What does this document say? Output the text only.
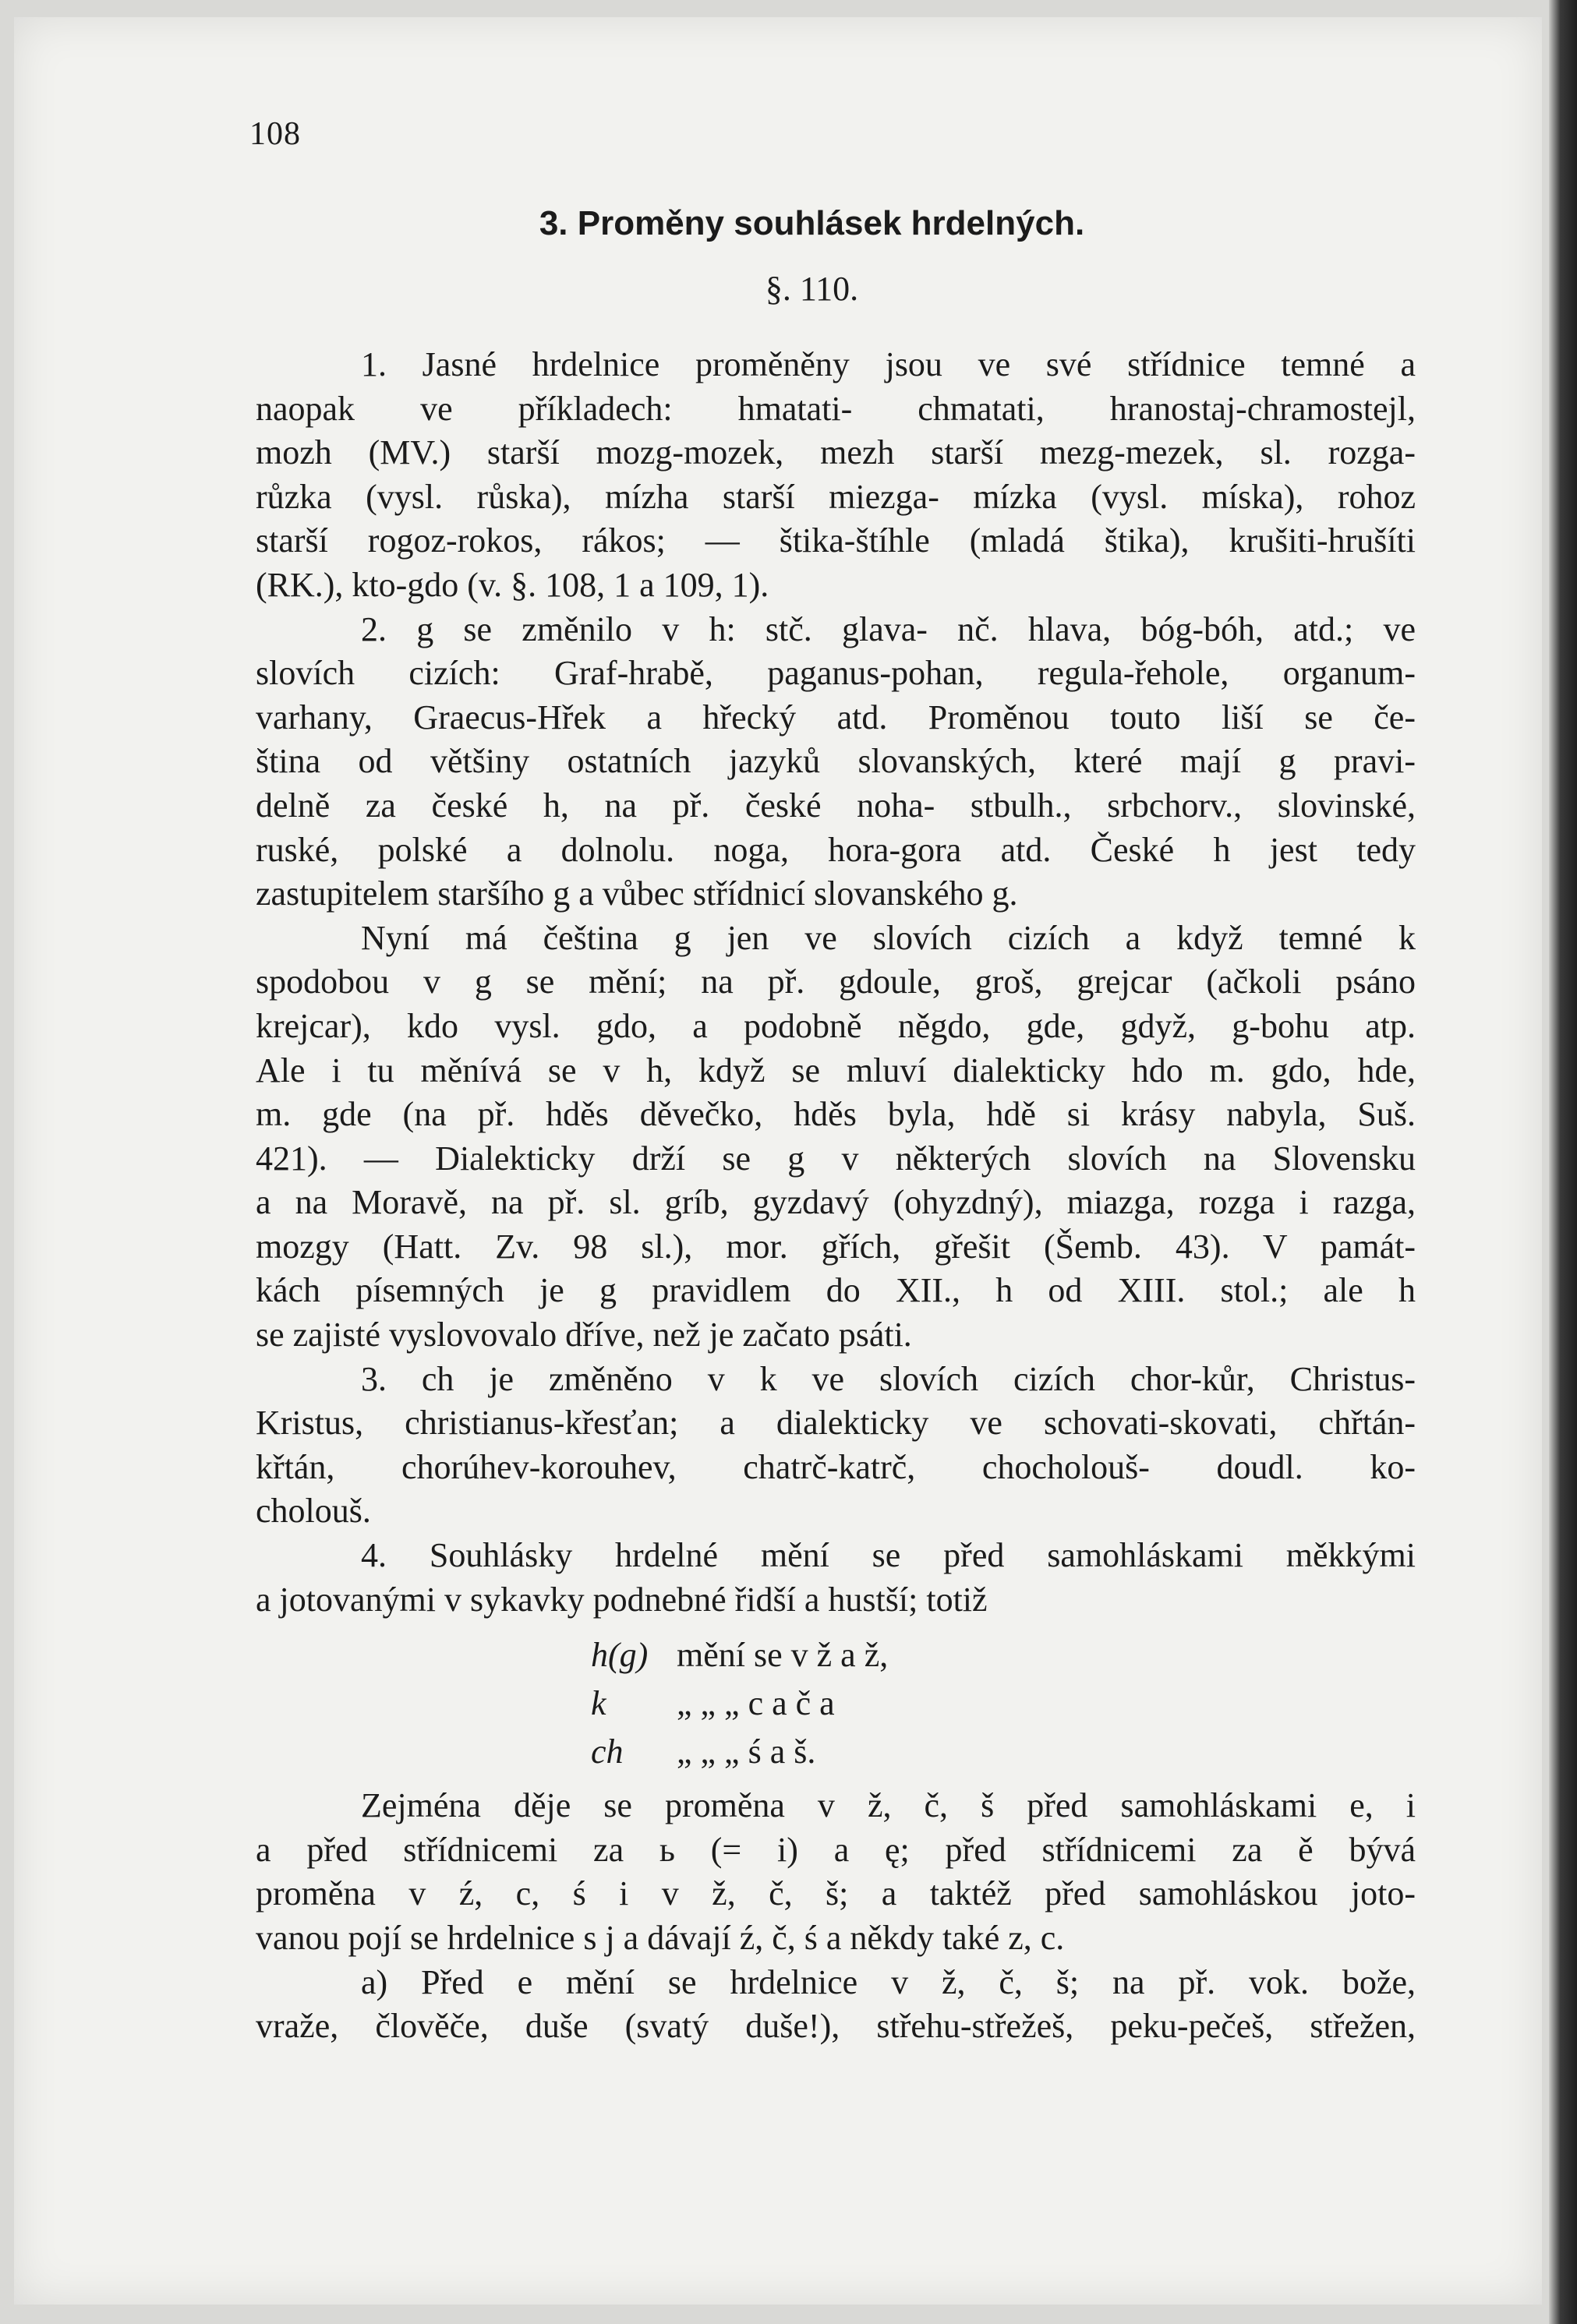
108
3. Proměny souhlásek hrdelných.
§. 110.
1. Jasné hrdelnice proměněny jsou ve své střídnice temné a
naopak ve příkladech: hmatati- chmatati, hranostaj-chramostejl,
mozh (MV.) starší mozg-mozek, mezh starší mezg-mezek, sl. rozga-
růzka (vysl. růska), mízha starší miezga- mízka (vysl. míska), rohoz
starší rogoz-rokos, rákos; — štika-štíhle (mladá štika), krušiti-hrušíti
(RK.), kto-gdo (v. §. 108, 1 a 109, 1).
2. g se změnilo v h: stč. glava- nč. hlava, bóg-bóh, atd.; ve
slovích cizích: Graf-hrabě, paganus-pohan, regula-řehole, organum-
varhany, Graecus-Hřek a hřecký atd. Proměnou touto liší se če-
ština od většiny ostatních jazyků slovanských, které mají g pravi-
delně za české h, na př. české noha- stbulh., srbchorv., slovinské,
ruské, polské a dolnolu. noga, hora-gora atd. České h jest tedy
zastupitelem staršího g a vůbec střídnicí slovanského g.
Nyní má čeština g jen ve slovích cizích a když temné k
spodobou v g se mění; na př. gdoule, groš, grejcar (ačkoli psáno
krejcar), kdo vysl. gdo, a podobně něgdo, gde, gdyž, g-bohu atp.
Ale i tu měnívá se v h, když se mluví dialekticky hdo m. gdo, hde,
m. gde (na př. hděs děvečko, hděs byla, hdě si krásy nabyla, Suš.
421). — Dialekticky drží se g v některých slovích na Slovensku
a na Moravě, na př. sl. gríb, gyzdavý (ohyzdný), miazga, rozga i razga,
mozgy (Hatt. Zv. 98 sl.), mor. gřích, gřešit (Šemb. 43). V památ-
kách písemných je g pravidlem do XII., h od XIII. stol.; ale h
se zajisté vyslovovalo dříve, než je začato psáti.
3. ch je změněno v k ve slovích cizích chor-kůr, Christus-
Kristus, christianus-křesťan; a dialekticky ve schovati-skovati, chřtán-
křtán, chorúhev-korouhev, chatrč-katrč, chocholouš- doudl. ko-
cholouš.
4. Souhlásky hrdelné mění se před samohláskami měkkými
a jotovanými v sykavky podnebné řidší a hustší; totiž
h(g) mění se v ž a ž,
k „ „ „ c a č a
ch „ „ „ ś a š.
Zejména děje se proměna v ž, č, š před samohláskami e, i
a před střídnicemi za ь (= i) a ę; před střídnicemi za ě bývá
proměna v ź, c, ś i v ž, č, š; a taktéž před samohláskou joto-
vanou pojí se hrdelnice s j a dávají ź, č, ś a někdy také z, c.
a) Před e mění se hrdelnice v ž, č, š; na př. vok. bože,
vraže, člověče, duše (svatý duše!), střehu-střežeš, peku-pečeš, střežen,
